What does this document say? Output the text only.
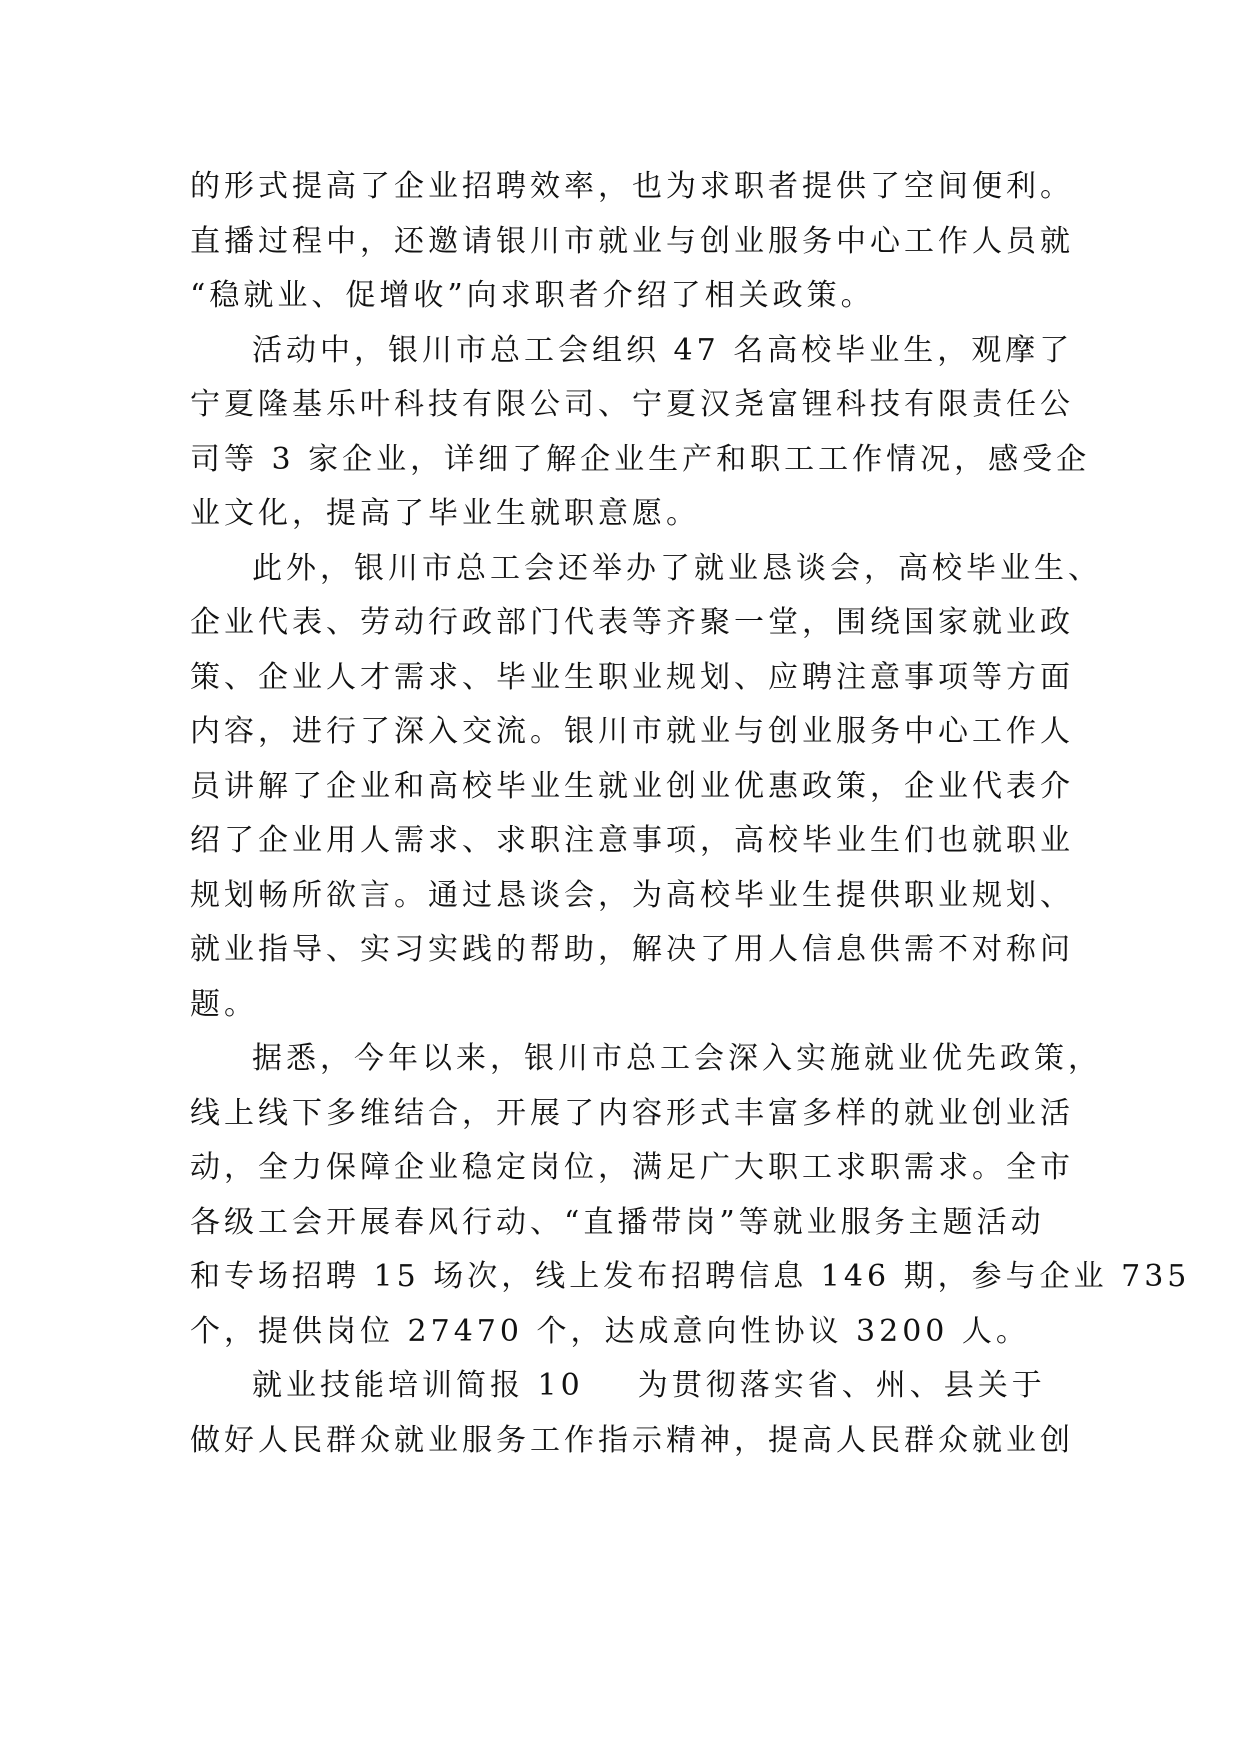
的形式提高了企业招聘效率，也为求职者提供了空间便利。
直播过程中，还邀请银川市就业与创业服务中心工作人员就
“稳就业、促增收”向求职者介绍了相关政策。
活动中，银川市总工会组织 47 名高校毕业生，观摩了
宁夏隆基乐叶科技有限公司、宁夏汉尧富锂科技有限责任公
司等 3 家企业，详细了解企业生产和职工工作情况，感受企
业文化，提高了毕业生就职意愿。
此外，银川市总工会还举办了就业恳谈会，高校毕业生、
企业代表、劳动行政部门代表等齐聚一堂，围绕国家就业政
策、企业人才需求、毕业生职业规划、应聘注意事项等方面
内容，进行了深入交流。银川市就业与创业服务中心工作人
员讲解了企业和高校毕业生就业创业优惠政策，企业代表介
绍了企业用人需求、求职注意事项，高校毕业生们也就职业
规划畅所欲言。通过恳谈会，为高校毕业生提供职业规划、
就业指导、实习实践的帮助，解决了用人信息供需不对称问
题。
据悉，今年以来，银川市总工会深入实施就业优先政策，
线上线下多维结合，开展了内容形式丰富多样的就业创业活
动，全力保障企业稳定岗位，满足广大职工求职需求。全市
各级工会开展春风行动、“直播带岗”等就业服务主题活动
和专场招聘 15 场次，线上发布招聘信息 146 期，参与企业 735
个，提供岗位 27470 个，达成意向性协议 3200 人。
就业技能培训简报 10 为贯彻落实省、州、县关于
做好人民群众就业服务工作指示精神，提高人民群众就业创
